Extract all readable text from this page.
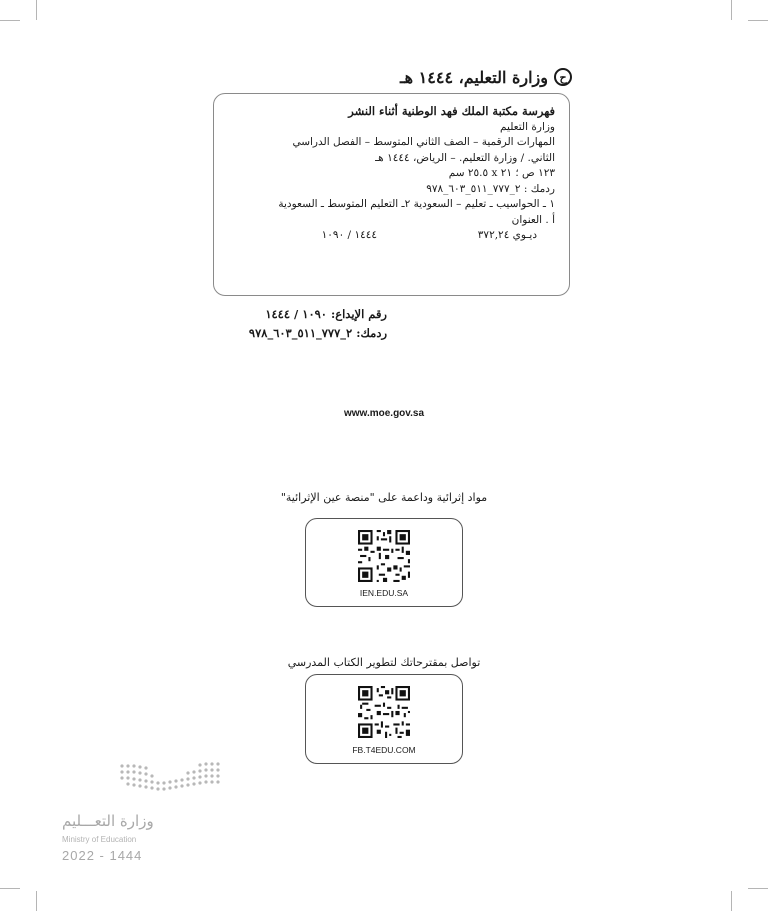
ح
وزارة التعليم، ١٤٤٤ هـ
فهرسة مكتبة الملك فهد الوطنية أثناء النشر
وزارة التعليم
المهارات الرقمية – الصف الثاني المتوسط – الفصل الدراسي
الثاني. / وزارة التعليم. – الرياض، ١٤٤٤ هـ
١٢٣ ص ؛ ٢١ x ٢٥.٥ سم
ردمك : ٢_٧٧٧_٥١١_٦٠٣_٩٧٨
١ ـ الحواسيب ـ تعليم – السعودية ٢ـ التعليم المتوسط ـ السعودية
أ . العنوان
ديـوي ٣٧٢,٢٤
١٤٤٤ / ١٠٩٠
رقم الإيداع: ١٠٩٠ / ١٤٤٤
ردمك: ٢_٧٧٧_٥١١_٦٠٣_٩٧٨
www.moe.gov.sa
مواد إثرائية وداعمة على "منصة عين الإثرائية"
IEN.EDU.SA
تواصل بمقترحاتك لتطوير الكتاب المدرسي
FB.T4EDU.COM
وزارة التعـــليم
Ministry of Education
2022 - 1444
